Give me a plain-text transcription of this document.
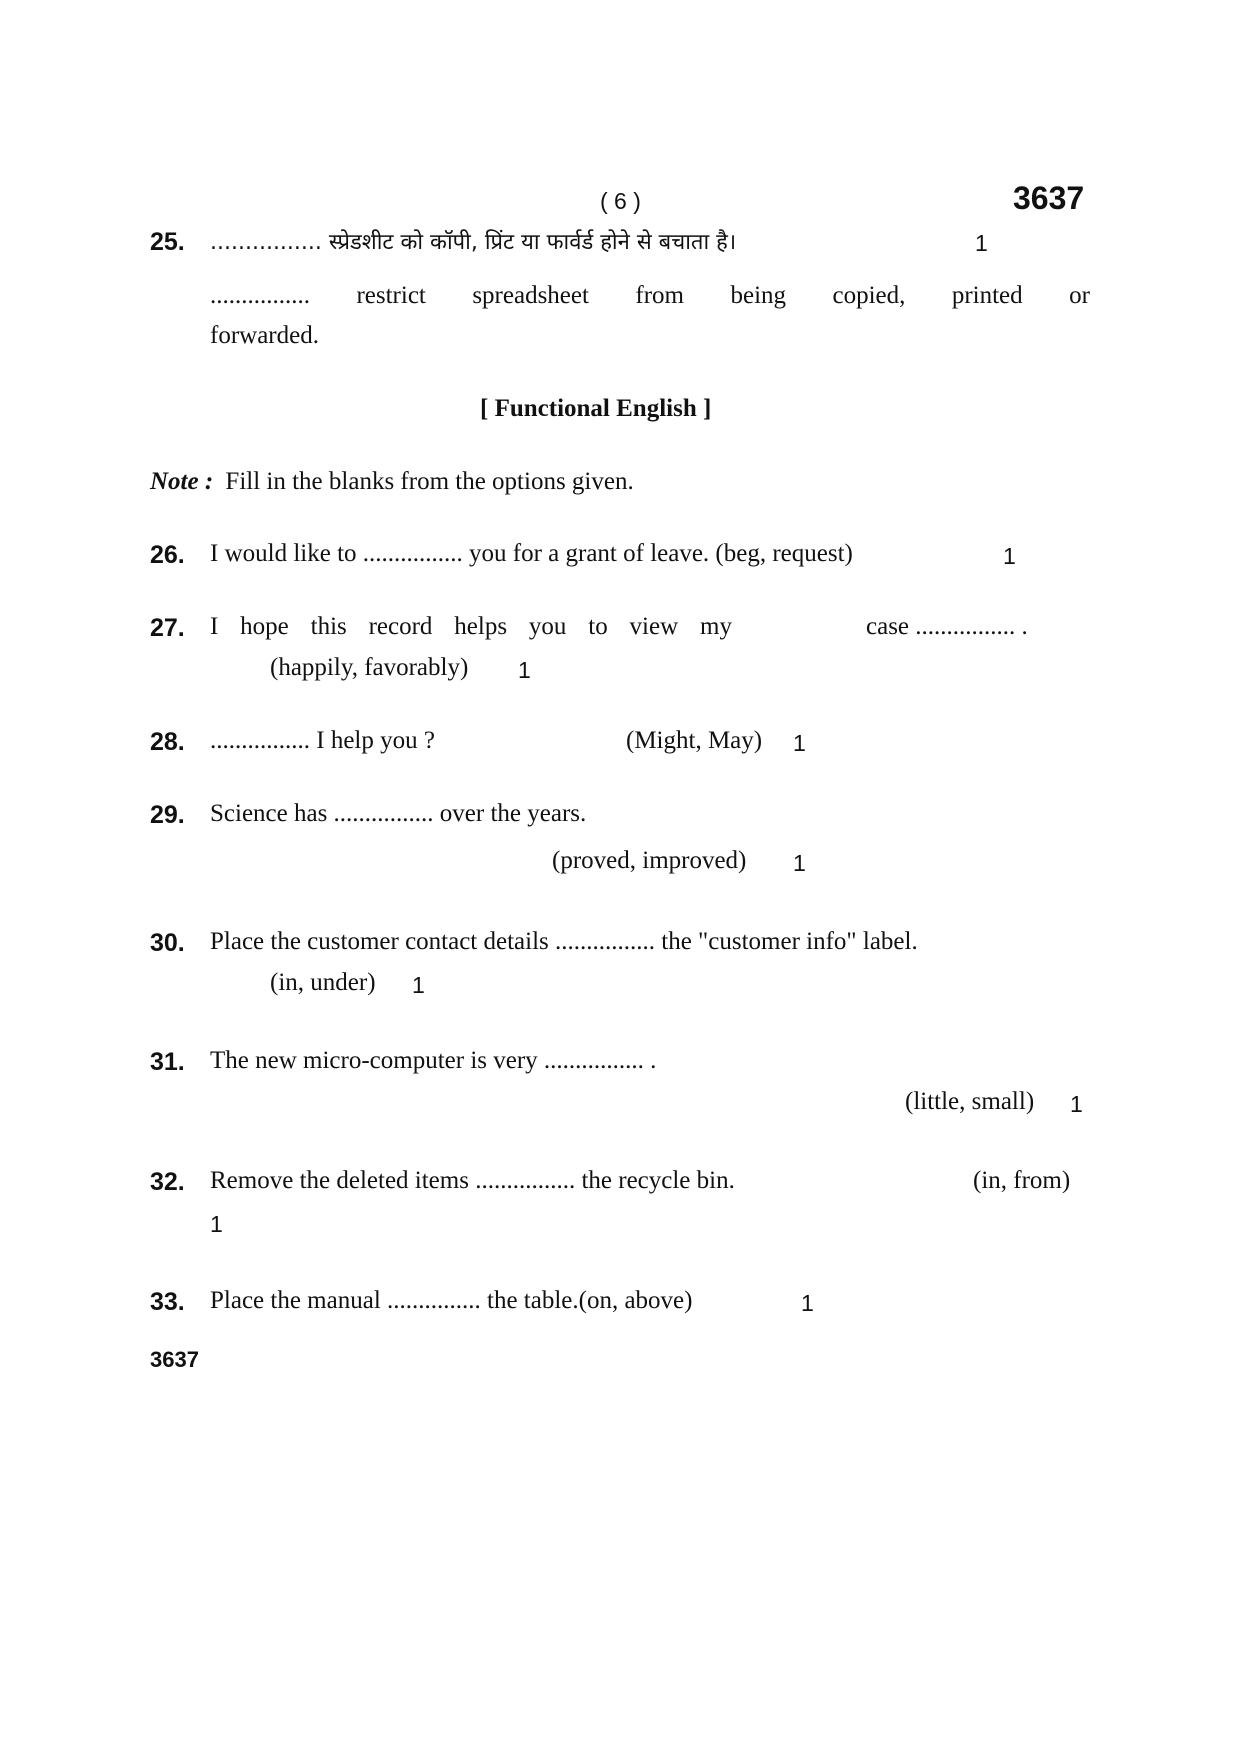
( 6 )	3637
25. ................ स्प्रेडशीट को कॉपी, प्रिंट या फार्वर्ड होने से बचाता है।	1
................ restrict spreadsheet from being copied, printed or
forwarded.
[ Functional English ]
Note : Fill in the blanks from the options given.
26. I would like to ................ you for a grant of leave. (beg, request)	1
27. I hope this record helps you to view my	case ................ .
(happily, favorably) 1
28. ................ I help you ?	(Might, May) 1
29. Science has ................ over the years.
(proved, improved) 1
30. Place the customer contact details ................ the "customer info" label.
(in, under) 1
31. The new micro-computer is very ................ .
(little, small) 1
32. Remove the deleted items ................ the recycle bin.	(in, from)
1
33. Place the manual ............... the table.(on, above)	1
3637
